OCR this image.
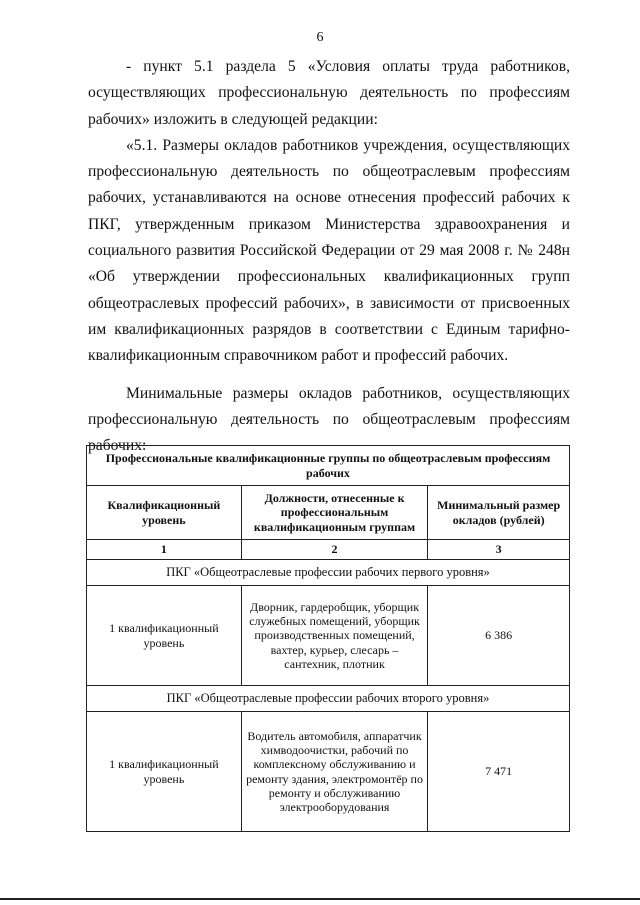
6

- пункт 5.1 раздела 5 «Условия оплаты труда работников, осуществляющих профессиональную деятельность по профессиям рабочих» изложить в следующей редакции:

«5.1. Размеры окладов работников учреждения, осуществляющих профессиональную деятельность по общеотраслевым профессиям рабочих, устанавливаются на основе отнесения профессий рабочих к ПКГ, утвержденным приказом Министерства здравоохранения и социального развития Российской Федерации от 29 мая 2008 г. № 248н «Об утверждении профессиональных квалификационных групп общеотраслевых профессий рабочих», в зависимости от присвоенных им квалификационных разрядов в соответствии с Единым тарифно-квалификационным справочником работ и профессий рабочих.

Минимальные размеры окладов работников, осуществляющих профессиональную деятельность по общеотраслевым профессиям рабочих:

Профессиональные квалификационные группы по общеотраслевым профессиям рабочих		
Квалификационный уровень	Должности, отнесенные к профессиональным квалификационным группам	Минимальный размер окладов (рублей)
1	2	3
ПКГ «Общеотраслевые профессии рабочих первого уровня»		
1 квалификационный уровень	Дворник, гардеробщик, уборщик служебных помещений, уборщик производственных помещений, вахтер, курьер, слесарь – сантехник, плотник	6 386
ПКГ «Общеотраслевые профессии рабочих второго уровня»		
1 квалификационный уровень	Водитель автомобиля, аппаратчик химводоочистки, рабочий по комплексному обслуживанию и ремонту здания, электромонтёр по ремонту и обслуживанию электрооборудования	7 471
